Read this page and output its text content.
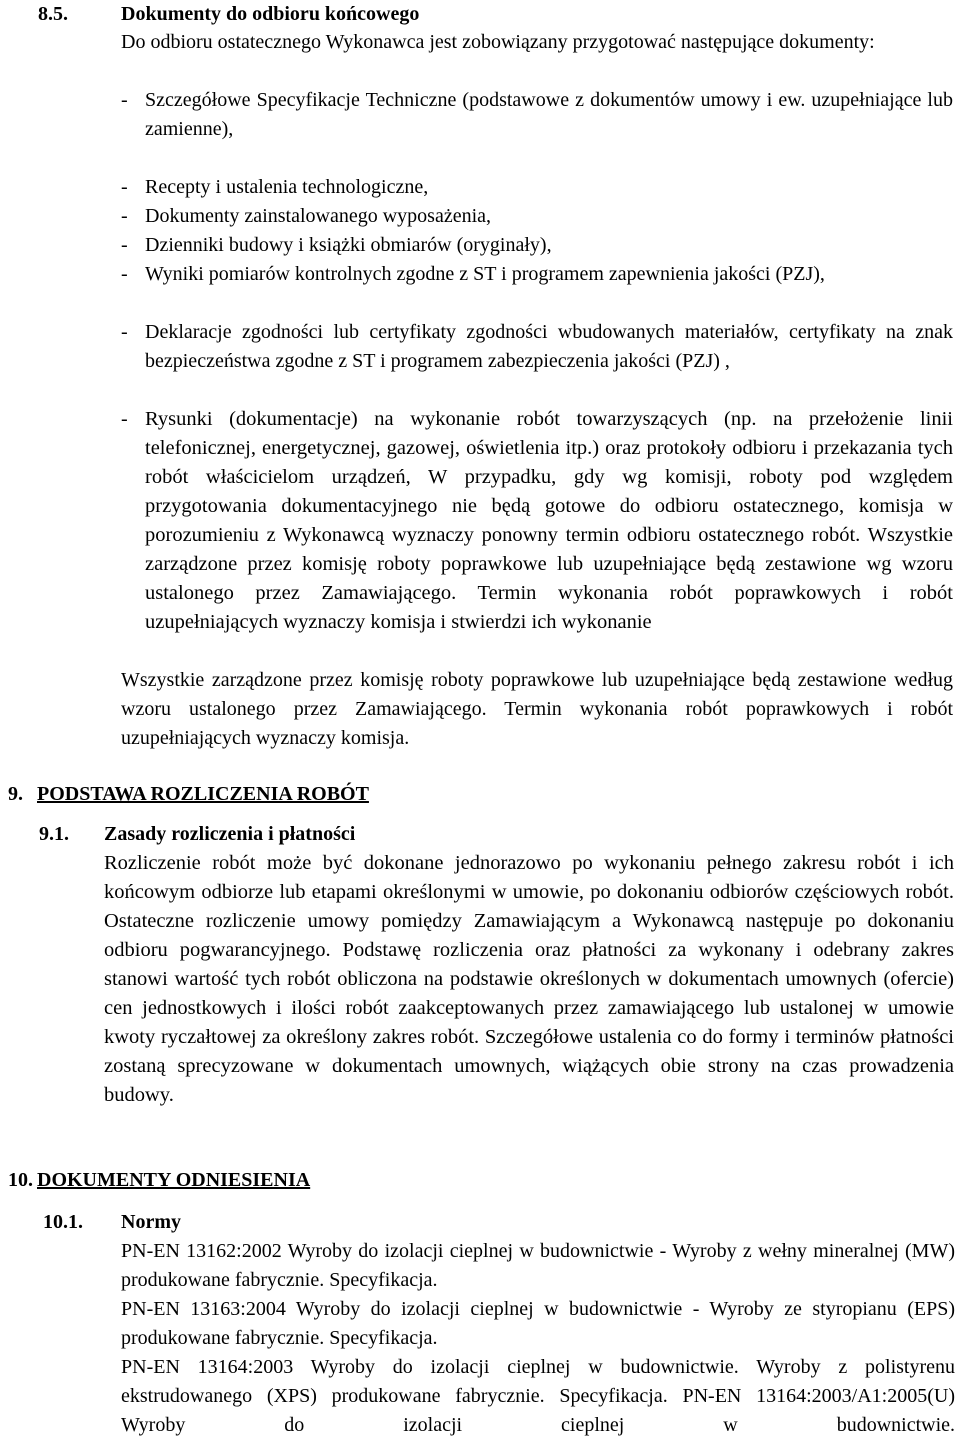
8.5.	Dokumenty do odbioru końcowego
Do odbioru ostatecznego Wykonawca jest zobowiązany przygotować następujące dokumenty:
- Szczegółowe Specyfikacje Techniczne (podstawowe z dokumentów umowy i ew. uzupełniające lub zamienne),
- Recepty i ustalenia technologiczne,
- Dokumenty zainstalowanego wyposażenia,
- Dzienniki budowy i książki obmiarów (oryginały),
- Wyniki pomiarów kontrolnych zgodne z ST i programem zapewnienia jakości (PZJ),
- Deklaracje zgodności lub certyfikaty zgodności wbudowanych materiałów, certyfikaty na znak bezpieczeństwa zgodne z ST i programem zabezpieczenia jakości (PZJ) ,
- Rysunki (dokumentacje) na wykonanie robót towarzyszących (np. na przełożenie linii telefonicznej, energetycznej, gazowej, oświetlenia itp.) oraz protokoły odbioru i przekazania tych robót właścicielom urządzeń, W przypadku, gdy wg komisji, roboty pod względem przygotowania dokumentacyjnego nie będą gotowe do odbioru ostatecznego, komisja w porozumieniu z Wykonawcą wyznaczy ponowny termin odbioru ostatecznego robót. Wszystkie zarządzone przez komisję roboty poprawkowe lub uzupełniające będą zestawione wg wzoru ustalonego przez Zamawiającego. Termin wykonania robót poprawkowych i robót uzupełniających wyznaczy komisja i stwierdzi ich wykonanie
Wszystkie zarządzone przez komisję roboty poprawkowe lub uzupełniające będą zestawione według wzoru ustalonego przez Zamawiającego. Termin wykonania robót poprawkowych i robót uzupełniających wyznaczy komisja.
9. PODSTAWA ROZLICZENIA ROBÓT
9.1. Zasady rozliczenia i płatności
Rozliczenie robót może być dokonane jednorazowo po wykonaniu pełnego zakresu robót i ich końcowym odbiorze lub etapami określonymi w umowie, po dokonaniu odbiorów częściowych robót. Ostateczne rozliczenie umowy pomiędzy Zamawiającym a Wykonawcą następuje po dokonaniu odbioru pogwarancyjnego. Podstawę rozliczenia oraz płatności za wykonany i odebrany zakres stanowi wartość tych robót obliczona na podstawie określonych w dokumentach umownych (ofercie) cen jednostkowych i ilości robót zaakceptowanych przez zamawiającego lub ustalonej w umowie kwoty ryczałtowej za określony zakres robót. Szczegółowe ustalenia co do formy i terminów płatności zostaną sprecyzowane w dokumentach umownych, wiążących obie strony na czas prowadzenia budowy.
10. DOKUMENTY ODNIESIENIA
10.1. Normy
PN-EN 13162:2002 Wyroby do izolacji cieplnej w budownictwie - Wyroby z wełny mineralnej (MW) produkowane fabrycznie. Specyfikacja.
PN-EN 13163:2004 Wyroby do izolacji cieplnej w budownictwie - Wyroby ze styropianu (EPS) produkowane fabrycznie. Specyfikacja.
PN-EN 13164:2003 Wyroby do izolacji cieplnej w budownictwie. Wyroby z polistyrenu ekstrudowanego (XPS) produkowane fabrycznie. Specyfikacja. PN-EN 13164:2003/A1:2005(U) Wyroby do izolacji cieplnej w budownictwie.
